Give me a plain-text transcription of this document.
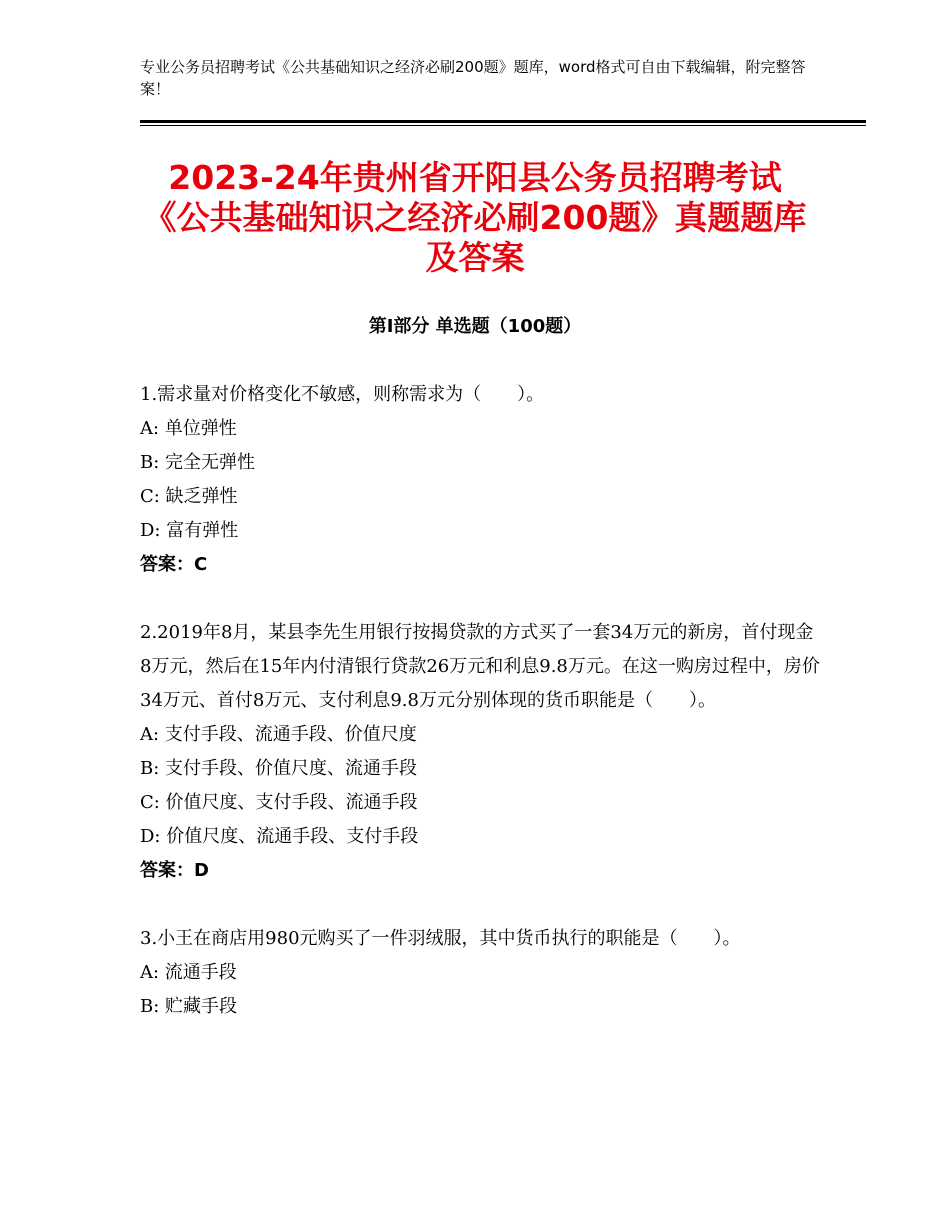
专业公务员招聘考试《公共基础知识之经济必刷200题》题库，word格式可自由下载编辑，附完整答案！
2023-24年贵州省开阳县公务员招聘考试《公共基础知识之经济必刷200题》真题题库及答案
第I部分 单选题（100题）

1.需求量对价格变化不敏感，则称需求为（　　）。

A: 单位弹性

B: 完全无弹性

C: 缺乏弹性

D: 富有弹性

答案：C

2.2019年8月，某县李先生用银行按揭贷款的方式买了一套34万元的新房，首付现金8万元，然后在15年内付清银行贷款26万元和利息9.8万元。在这一购房过程中，房价34万元、首付8万元、支付利息9.8万元分别体现的货币职能是（　　）。

A: 支付手段、流通手段、价值尺度

B: 支付手段、价值尺度、流通手段

C: 价值尺度、支付手段、流通手段

D: 价值尺度、流通手段、支付手段

答案：D

3.小王在商店用980元购买了一件羽绒服，其中货币执行的职能是（　　）。

A: 流通手段

B: 贮藏手段
